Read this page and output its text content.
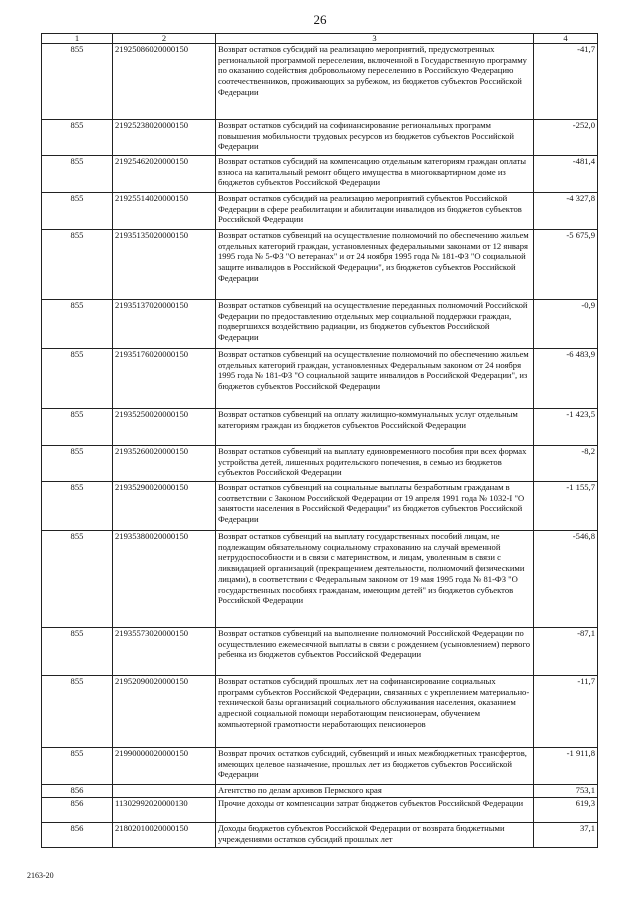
26
1	2	3	4
855	21925086020000150	Возврат остатков субсидий на реализацию мероприятий, предусмотренных региональной программой переселения, включенной в Государственную программу по оказанию содействия добровольному переселению в Российскую Федерацию соотечественников, проживающих за рубежом, из бюджетов субъектов Российской Федерации	-41,7
855	21925238020000150	Возврат остатков субсидий на софинансирование региональных программ повышения мобильности трудовых ресурсов из бюджетов субъектов Российской Федерации	-252,0
855	21925462020000150	Возврат остатков субсидий на компенсацию отдельным категориям граждан оплаты взноса на капитальный ремонт общего имущества в многоквартирном доме из бюджетов субъектов Российской Федерации	-481,4
855	21925514020000150	Возврат остатков субсидий на реализацию мероприятий субъектов Российской Федерации в сфере реабилитации и абилитации инвалидов из бюджетов субъектов Российской Федерации	-4 327,8
855	21935135020000150	Возврат остатков субвенций на осуществление полномочий по обеспечению жильем отдельных категорий граждан, установленных федеральными законами от 12 января 1995 года № 5-ФЗ "О ветеранах" и от 24 ноября 1995 года № 181-ФЗ "О социальной защите инвалидов в Российской Федерации", из бюджетов субъектов Российской Федерации	-5 675,9
855	21935137020000150	Возврат остатков субвенций на осуществление переданных полномочий Российской Федерации по предоставлению отдельных мер социальной поддержки граждан, подвергшихся воздействию радиации, из бюджетов субъектов Российской Федерации	-0,9
855	21935176020000150	Возврат остатков субвенций на осуществление полномочий по обеспечению жильем отдельных категорий граждан, установленных Федеральным законом от 24 ноября 1995 года № 181-ФЗ "О социальной защите инвалидов в Российской Федерации", из бюджетов субъектов Российской Федерации	-6 483,9
855	21935250020000150	Возврат остатков субвенций на оплату жилищно-коммунальных услуг отдельным категориям граждан из бюджетов субъектов Российской Федерации	-1 423,5
855	21935260020000150	Возврат остатков субвенций на выплату единовременного пособия при всех формах устройства детей, лишенных родительского попечения, в семью из бюджетов субъектов Российской Федерации	-8,2
855	21935290020000150	Возврат остатков субвенций на социальные выплаты безработным гражданам в соответствии с Законом Российской Федерации от 19 апреля 1991 года № 1032-I "О занятости населения в Российской Федерации" из бюджетов субъектов Российской Федерации	-1 155,7
855	21935380020000150	Возврат остатков субвенций на выплату государственных пособий лицам, не подлежащим обязательному социальному страхованию на случай временной нетрудоспособности и в связи с материнством, и лицам, уволенным в связи с ликвидацией организаций (прекращением деятельности, полномочий физическими лицами), в соответствии с Федеральным законом от 19 мая 1995 года № 81-ФЗ "О государственных пособиях гражданам, имеющим детей" из бюджетов субъектов Российской Федерации	-546,8
855	21935573020000150	Возврат остатков субвенций на выполнение полномочий Российской Федерации по осуществлению ежемесячной выплаты в связи с рождением (усыновлением) первого ребенка из бюджетов субъектов Российской Федерации	-87,1
855	21952090020000150	Возврат остатков субсидий прошлых лет на софинансирование социальных программ субъектов Российской Федерации, связанных с укреплением материально-технической базы организаций социального обслуживания населения, оказанием адресной социальной помощи неработающим пенсионерам, обучением компьютерной грамотности неработающих пенсионеров	-11,7
855	21990000020000150	Возврат прочих остатков субсидий, субвенций и иных межбюджетных трансфертов, имеющих целевое назначение, прошлых лет из бюджетов субъектов Российской Федерации	-1 911,8
856		Агентство по делам архивов Пермского края	753,1
856	11302992020000130	Прочие доходы от компенсации затрат бюджетов субъектов Российской Федерации	619,3
856	21802010020000150	Доходы бюджетов субъектов Российской Федерации от возврата бюджетными учреждениями остатков субсидий прошлых лет	37,1
2163-20
